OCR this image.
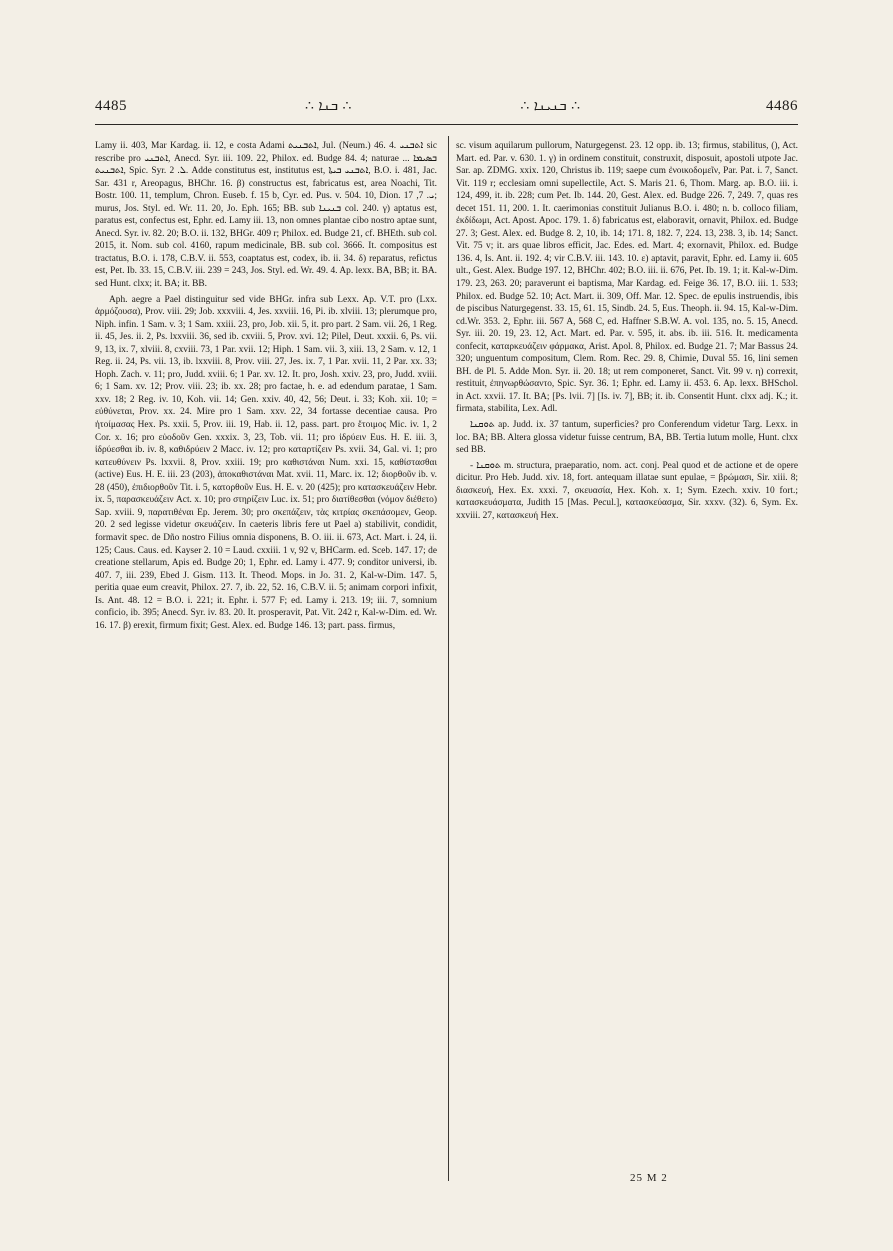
4485	∴ ܒܢܐ ∴	∴ ܒܢܝܢܐ ∴	4486

Lamy ii. 403, Mar Kardag. ii. 12, e costa Adami ܐܬܒܢܝܬ, Jul. (Neum.) 46. 4. ܐܬܒܢܝ sic rescribe pro ܐܬܒܢܝ, Anecd. Syr. iii. 109. 22, Philox. ed. Budge 84. 4; naturae ܒܣܝܡܐ ... ܐܬܒܢܝܬ, Spic. Syr. ܠ. 2. Adde constitutus est, institutus est, ܐܬܒܢܝ ܒܝܬܐ, B.O. i. 481, Jac. Sar. 431 r, Areopagus, BHChr. 16. β) constructus est, fabricatus est, area Noachi, Tit. Bostr. 100. 11, templum, Chron. Euseb. f. 15 b, Cyr. ed. Pus. v. 504. 10, Dion. ܝ. 7, 17; murus, Jos. Styl. ed. Wr. 11. 20, Jo. Eph. 165; BB. sub ܒܢܝܢܐ col. 240. γ) aptatus est, paratus est, confectus est, Ephr. ed. Lamy iii. 13, non omnes plantae cibo nostro aptae sunt, Anecd. Syr. iv. 82. 20; B.O. ii. 132, BHGr. 409 r; Philox. ed. Budge 21, cf. BHEth. sub col. 2015, it. Nom. sub col. 4160, rapum medicinale, BB. sub col. 3666. It. compositus est tractatus, B.O. i. 178, C.B.V. ii. 553, coaptatus est, codex, ib. ii. 34. δ) reparatus, refictus est, Pet. Ib. 33. 15, C.B.V. iii. 239 = 243, Jos. Styl. ed. Wr. 49. 4. Ap. lexx. BA, BB; it. BA. sed Hunt. clxx; it. BA; it. BB.

Aph. aegre a Pael distinguitur sed vide BHGr. infra sub Lexx. Ap. V.T. pro (Lxx. ἁρμόζουσα), Prov. viii. 29; Job. xxxviii. 4, Jes. xxviii. 16, Pi. ib. xlviii. 13; plerumque pro, Niph. infin. 1 Sam. v. 3; 1 Sam. xxiii. 23, pro, Job. xii. 5, it. pro part. 2 Sam. vii. 26, 1 Reg. ii. 45, Jes. ii. 2, Ps. lxxviii. 36, sed ib. cxviii. 5, Prov. xvi. 12; Pilel, Deut. xxxii. 6, Ps. vii. 9, 13, ix. 7, xlviii. 8, cxviii. 73, 1 Par. xvii. 12; Hiph. 1 Sam. vii. 3, xiii. 13, 2 Sam. v. 12, 1 Reg. ii. 24, Ps. vii. 13, ib. lxxviii. 8, Prov. viii. 27, Jes. ix. 7, 1 Par. xvii. 11, 2 Par. xx. 33; Hoph. Zach. v. 11; pro, Judd. xviii. 6; 1 Par. xv. 12. It. pro, Josh. xxiv. 23, pro, Judd. xviii. 6; 1 Sam. xv. 12; Prov. viii. 23; ib. xx. 28; pro factae, h. e. ad edendum paratae, 1 Sam. xxv. 18; 2 Reg. iv. 10, Koh. vii. 14; Gen. xxiv. 40, 42, 56; Deut. i. 33; Koh. xii. 10; = εὐθύνεται, Prov. xx. 24. Mire pro 1 Sam. xxv. 22, 34 fortasse decentiae causa. Pro ἡτοίμασας Hex. Ps. xxii. 5, Prov. iii. 19, Hab. ii. 12, pass. part. pro ἕτοιμος Mic. iv. 1, 2 Cor. x. 16; pro εὐοδοῦν Gen. xxxix. 3, 23, Tob. vii. 11; pro ἱδρύειν Eus. H. E. iii. 3, ἱδρύεσθαι ib. iv. 8, καθιδρύειν 2 Macc. iv. 12; pro καταρτίζειν Ps. xvii. 34, Gal. vi. 1; pro κατευθύνειν Ps. lxxvii. 8, Prov. xxiii. 19; pro καθιστάναι Num. xxi. 15, καθίστασθαι (active) Eus. H. E. iii. 23 (203), ἀποκαθιστάναι Mat. xvii. 11, Marc. ix. 12; διορθοῦν ib. v. 28 (450), ἐπιδιορθοῦν Tit. i. 5, κατορθοῦν Eus. H. E. v. 20 (425); pro κατασκευάζειν Hebr. ix. 5, παρασκευάζειν Act. x. 10; pro στηρίζειν Luc. ix. 51; pro διατίθεσθαι (νόμον διέθετο) Sap. xviii. 9, παρατιθέναι Ep. Jerem. 30; pro σκεπάζειν, τὰς κιτρίας σκεπάσομεν, Geop. 20. 2 sed legisse videtur σκευάζειν. In caeteris libris fere ut Pael a) stabilivit, condidit, formavit spec. de Dño nostro Filius omnia disponens, B. O. iii. ii. 673, Act. Mart. i. 24, ii. 125; Caus. Caus. ed. Kayser 2. 10 = Laud. cxxiii. 1 v, 92 v, BHCarm. ed. Sceb. 147. 17; de creatione stellarum, Apis ed. Budge 20; 1, Ephr. ed. Lamy i. 477. 9; conditor universi, ib. 407. 7, iii. 239, Ebed J. Gism. 113. It. Theod. Mops. in Jo. 31. 2, Kal-w-Dim. 147. 5, peritia quae eum creavit, Philox. 27. 7, ib. 22, 52. 16, C.B.V. ii. 5; animam corpori infixit, Is. Ant. 48. 12 = B.O. i. 221; it. Ephr. i. 577 F; ed. Lamy i. 213. 19; iii. 7, somnium conficio, ib. 395; Anecd. Syr. iv. 83. 20. It. prosperavit, Pat. Vit. 242 r, Kal-w-Dim. ed. Wr. 16. 17. β) erexit, firmum fixit; Gest. Alex. ed. Budge 146. 13; part. pass. firmus,

sc. visum aquilarum pullorum, Naturgegenst. 23. 12 opp. ib. 13; firmus, stabilitus, (), Act. Mart. ed. Par. v. 630. 1. γ) in ordinem constituit, construxit, disposuit, apostoli utpote Jac. Sar. ap. ZDMG. xxix. 120, Christus ib. 119; saepe cum ἐνοικοδομεῖν, Par. Pat. i. 7, Sanct. Vit. 119 r; ecclesiam omni supellectile, Act. S. Maris 21. 6, Thom. Marg. ap. B.O. iii. i. 124, 499, it. ib. 228; cum Pet. Ib. 144. 20, Gest. Alex. ed. Budge 226. 7, 249. 7, quas res decet 151. 11, 200. 1. It. caerimonias constituit Julianus B.O. i. 480; n. b. colloco filiam, ἐκδίδωμι, Act. Apost. Apoc. 179. 1. δ) fabricatus est, elaboravit, ornavit, Philox. ed. Budge 27. 3; Gest. Alex. ed. Budge 8. 2, 10, ib. 14; 171. 8, 182. 7, 224. 13, 238. 3, ib. 14; Sanct. Vit. 75 v; it. ars quae libros efficit, Jac. Edes. ed. Mart. 4; exornavit, Philox. ed. Budge 136. 4, Is. Ant. ii. 192. 4; vir C.B.V. iii. 143. 10. ε) aptavit, paravit, Ephr. ed. Lamy ii. 605 ult., Gest. Alex. Budge 197. 12, BHChr. 402; B.O. iii. ii. 676, Pet. Ib. 19. 1; it. Kal-w-Dim. 179. 23, 263. 20; paraverunt ei baptisma, Mar Kardag. ed. Feige 36. 17, B.O. iii. 1. 533; Philox. ed. Budge 52. 10; Act. Mart. ii. 309, Off. Mar. 12. Spec. de epulis instruendis, ibis de piscibus Naturgegenst. 33. 15, 61. 15, Sindb. 24. 5, Eus. Theoph. ii. 94. 15, Kal-w-Dim. cd.Wr. 353. 2, Ephr. iii. 567 A, 568 C, ed. Haffner S.B.W. A. vol. 135, no. 5. 15, Anecd. Syr. iii. 20. 19, 23. 12, Act. Mart. ed. Par. v. 595, it. abs. ib. iii. 516. It. medicamenta confecit, καταρκευάζειν φάρμακα, Arist. Apol. 8, Philox. ed. Budge 21. 7; Mar Bassus 24. 320; unguentum compositum, Clem. Rom. Rec. 29. 8, Chimie, Duval 55. 16, lini semen BH. de Pl. 5. Adde Mon. Syr. ii. 20. 18; ut rem componeret, Sanct. Vit. 99 v. η) correxit, restituit, ἐπηνωρθώσαντο, Spic. Syr. 36. 1; Ephr. ed. Lamy ii. 453. 6. Ap. lexx. BHSchol. in Act. xxvii. 17. It. BA; [Ps. lvii. 7] [Is. iv. 7], BB; it. ib. Consentit Hunt. clxx adj. K.; it. firmata, stabilita, Lex. Adl.

ܬܘܩܢܐ ap. Judd. ix. 37 tantum, superficies? pro Conferendum videtur Targ. Lexx. in loc. BA; BB. Altera glossa videtur fuisse centrum, BA, BB. Tertia lutum molle, Hunt. clxx sed BB.

- ܬܘܩܢܐ m. structura, praeparatio, nom. act. conj. Peal quod et de actione et de opere dicitur. Pro Heb. Judd. xiv. 18, fort. antequam illatae sunt epulae, = βρώμασι, Sir. xiii. 8; διασκευή, Hex. Ex. xxxi. 7, σκευασία, Hex. Koh. x. 1; Sym. Ezech. xxiv. 10 fort.; κατασκευάσματα, Judith 15 [Mas. Pecul.], κατασκεύασμα, Sir. xxxv. (32). 6, Sym. Ex. xxviii. 27, κατασκευή Hex.

25 M 2
